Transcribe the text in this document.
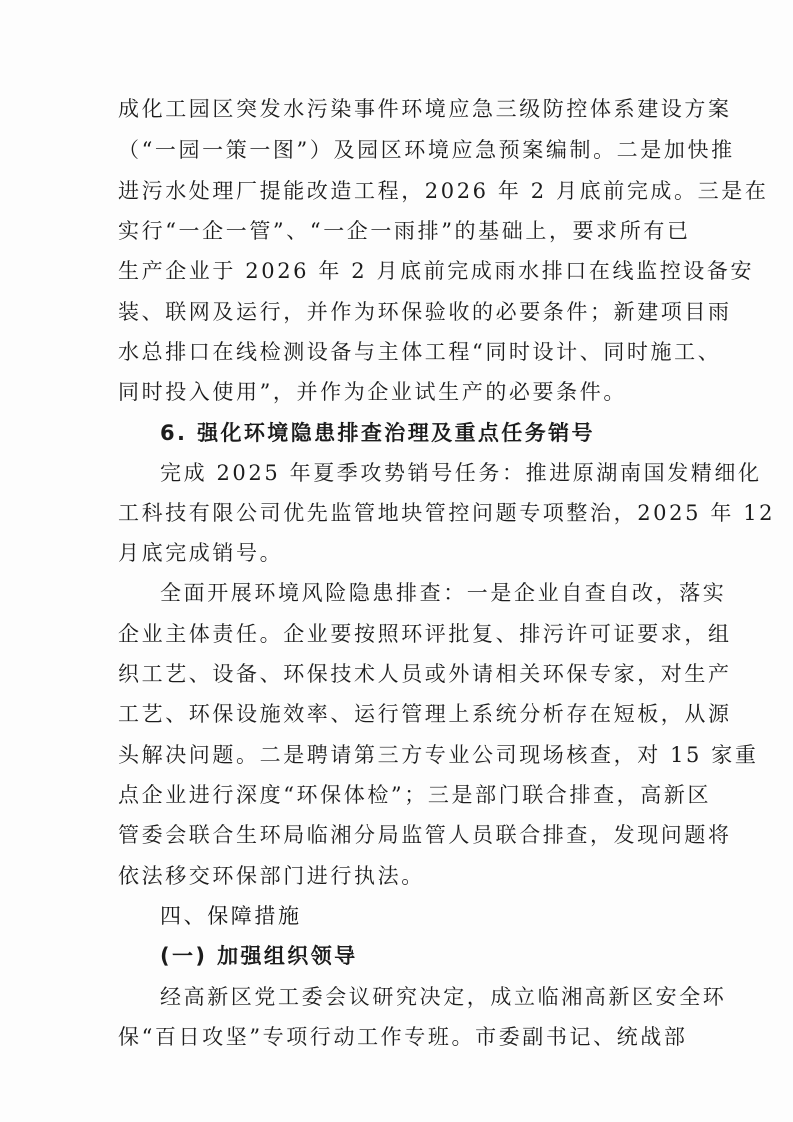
成化工园区突发水污染事件环境应急三级防控体系建设方案
（“一园一策一图”）及园区环境应急预案编制。二是加快推
进污水处理厂提能改造工程，2026 年 2 月底前完成。三是在
实行“一企一管”、“一企一雨排”的基础上，要求所有已
生产企业于 2026 年 2 月底前完成雨水排口在线监控设备安
装、联网及运行，并作为环保验收的必要条件；新建项目雨
水总排口在线检测设备与主体工程“同时设计、同时施工、
同时投入使用”，并作为企业试生产的必要条件。
6. 强化环境隐患排查治理及重点任务销号
完成 2025 年夏季攻势销号任务：推进原湖南国发精细化
工科技有限公司优先监管地块管控问题专项整治，2025 年 12
月底完成销号。
全面开展环境风险隐患排查：一是企业自查自改，落实
企业主体责任。企业要按照环评批复、排污许可证要求，组
织工艺、设备、环保技术人员或外请相关环保专家，对生产
工艺、环保设施效率、运行管理上系统分析存在短板，从源
头解决问题。二是聘请第三方专业公司现场核查，对 15 家重
点企业进行深度“环保体检”；三是部门联合排查，高新区
管委会联合生环局临湘分局监管人员联合排查，发现问题将
依法移交环保部门进行执法。
四、保障措施
(一) 加强组织领导
经高新区党工委会议研究决定，成立临湘高新区安全环
保“百日攻坚”专项行动工作专班。市委副书记、统战部
